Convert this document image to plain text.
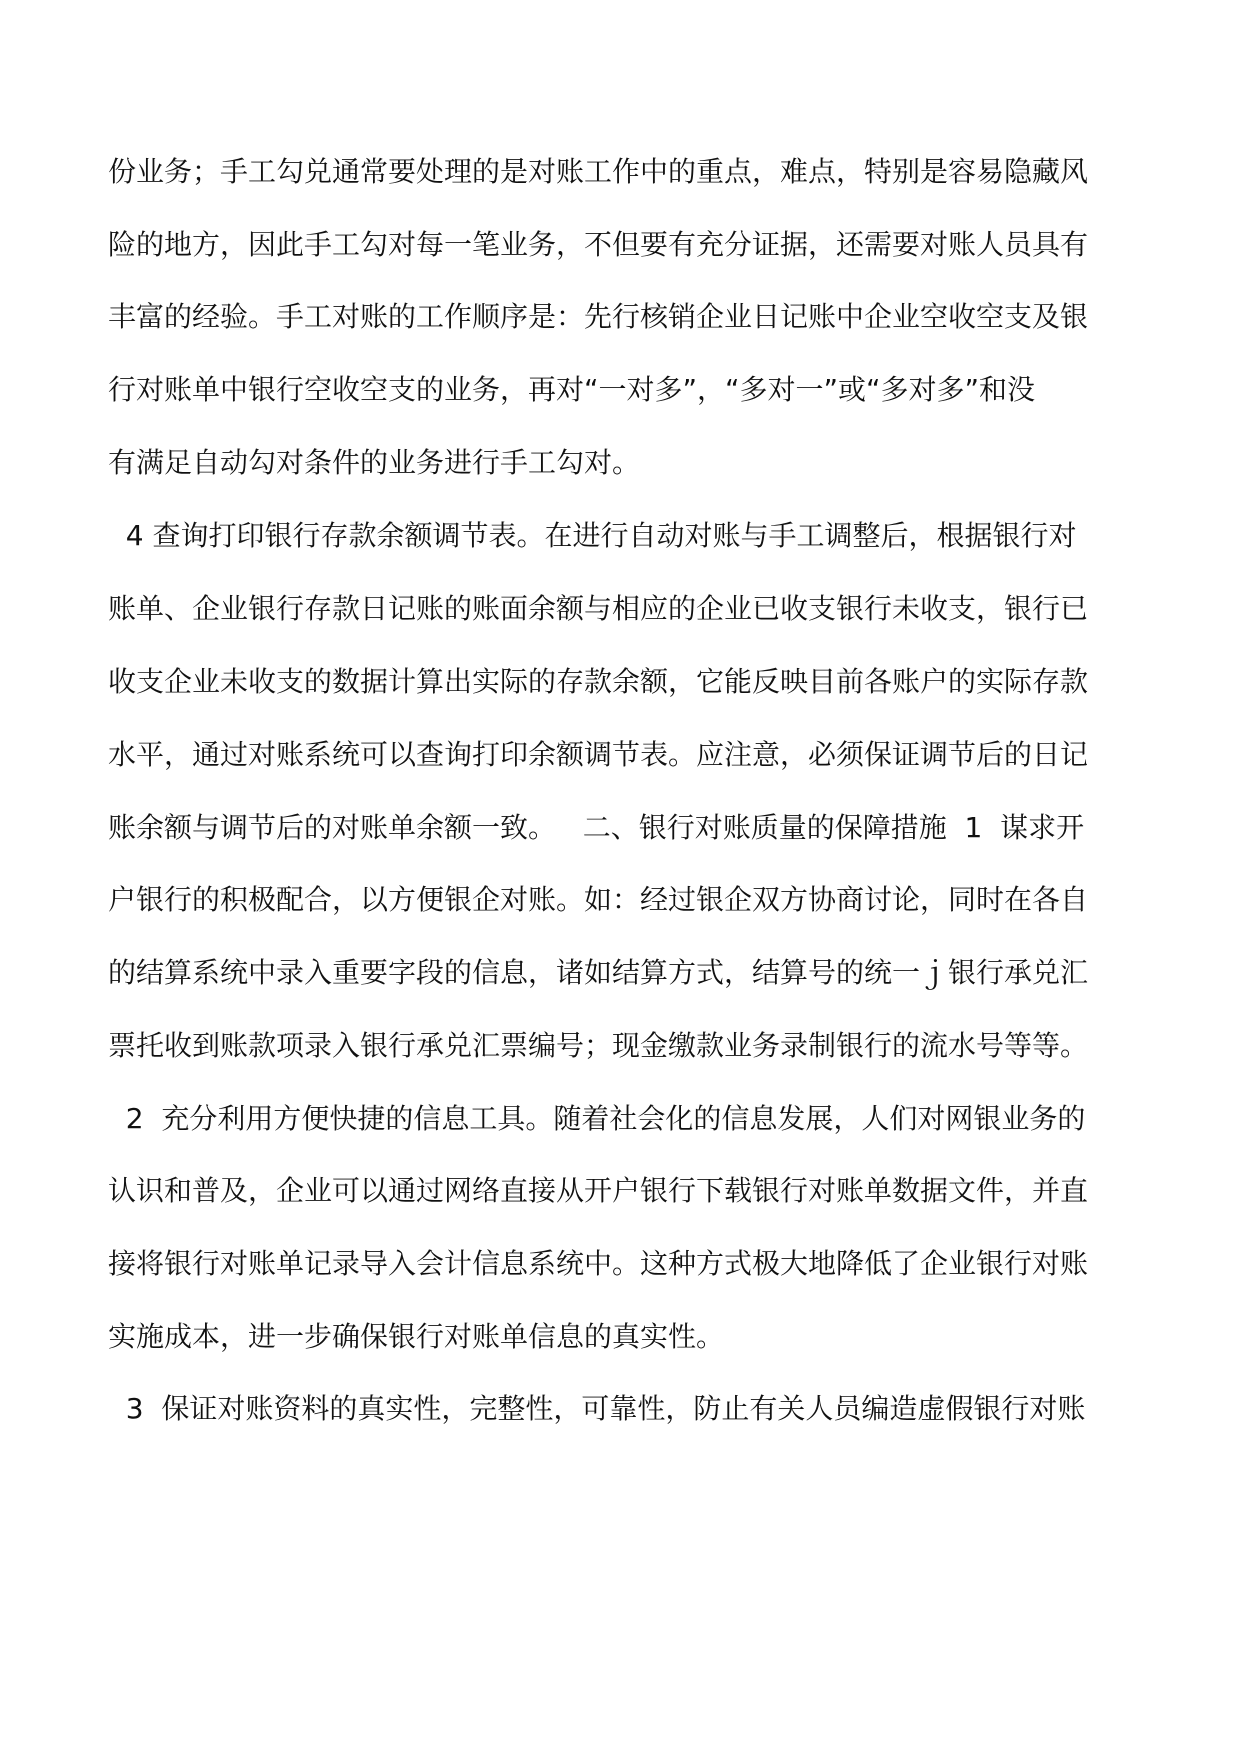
份业务；手工勾兑通常要处理的是对账工作中的重点，难点，特别是容易隐藏风

险的地方，因此手工勾对每一笔业务，不但要有充分证据，还需要对账人员具有

丰富的经验。手工对账的工作顺序是：先行核销企业日记账中企业空收空支及银

行对账单中银行空收空支的业务，再对“一对多”，“多对一”或“多对多”和没

有满足自动勾对条件的业务进行手工勾对。

4 查询打印银行存款余额调节表。在进行自动对账与手工调整后，根据银行对

账单、企业银行存款日记账的账面余额与相应的企业已收支银行未收支，银行已

收支企业未收支的数据计算出实际的存款余额，它能反映目前各账户的实际存款

水平，通过对账系统可以查询打印余额调节表。应注意，必须保证调节后的日记

账余额与调节后的对账单余额一致。   二、银行对账质量的保障措施  1  谋求开

户银行的积极配合，以方便银企对账。如：经过银企双方协商讨论，同时在各自

的结算系统中录入重要字段的信息，诸如结算方式，结算号的统一ｊ银行承兑汇

票托收到账款项录入银行承兑汇票编号；现金缴款业务录制银行的流水号等等。

2  充分利用方便快捷的信息工具。随着社会化的信息发展，人们对网银业务的

认识和普及，企业可以通过网络直接从开户银行下载银行对账单数据文件，并直

接将银行对账单记录导入会计信息系统中。这种方式极大地降低了企业银行对账

实施成本，进一步确保银行对账单信息的真实性。

3  保证对账资料的真实性，完整性，可靠性，防止有关人员编造虚假银行对账
